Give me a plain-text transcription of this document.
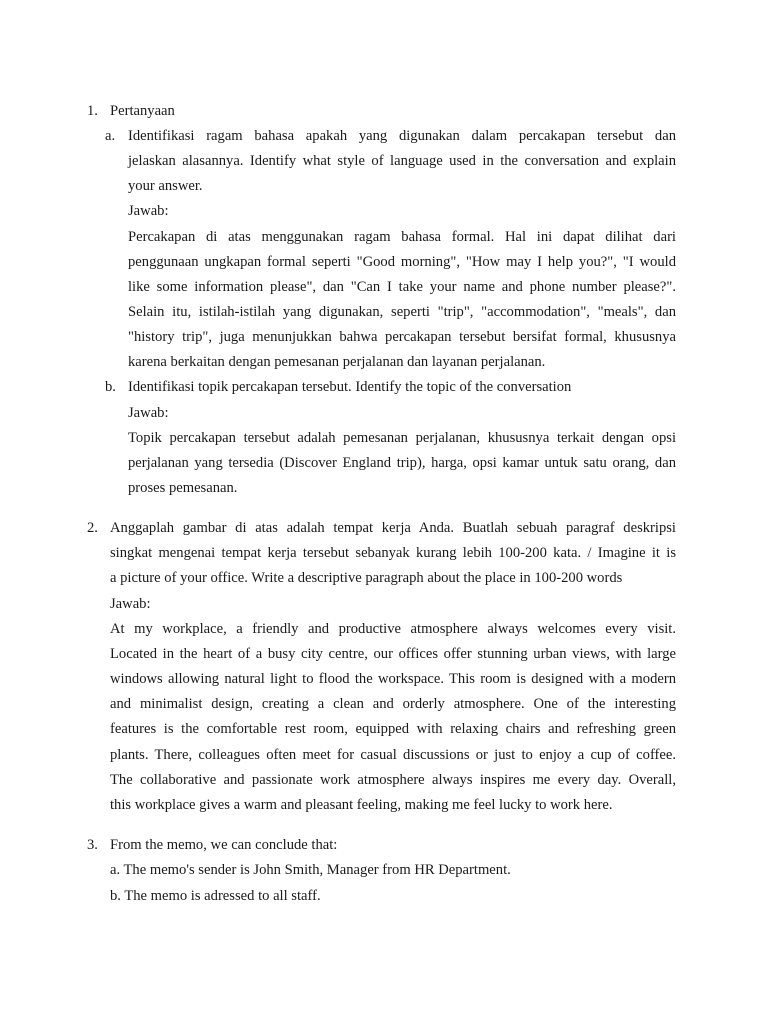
1. Pertanyaan
a. Identifikasi ragam bahasa apakah yang digunakan dalam percakapan tersebut dan
jelaskan alasannya. Identify what style of language used in the conversation and explain
your answer.
Jawab:
Percakapan di atas menggunakan ragam bahasa formal. Hal ini dapat dilihat dari
penggunaan ungkapan formal seperti "Good morning", "How may I help you?", "I would
like some information please", dan "Can I take your name and phone number please?".
Selain itu, istilah-istilah yang digunakan, seperti "trip", "accommodation", "meals", dan
"history trip", juga menunjukkan bahwa percakapan tersebut bersifat formal, khususnya
karena berkaitan dengan pemesanan perjalanan dan layanan perjalanan.
b. Identifikasi topik percakapan tersebut. Identify the topic of the conversation
Jawab:
Topik percakapan tersebut adalah pemesanan perjalanan, khususnya terkait dengan opsi
perjalanan yang tersedia (Discover England trip), harga, opsi kamar untuk satu orang, dan
proses pemesanan.
2. Anggaplah gambar di atas adalah tempat kerja Anda. Buatlah sebuah paragraf deskripsi
singkat mengenai tempat kerja tersebut sebanyak kurang lebih 100-200 kata. / Imagine it is
a picture of your office. Write a descriptive paragraph about the place in 100-200 words
Jawab:
At my workplace, a friendly and productive atmosphere always welcomes every visit.
Located in the heart of a busy city centre, our offices offer stunning urban views, with large
windows allowing natural light to flood the workspace. This room is designed with a modern
and minimalist design, creating a clean and orderly atmosphere. One of the interesting
features is the comfortable rest room, equipped with relaxing chairs and refreshing green
plants. There, colleagues often meet for casual discussions or just to enjoy a cup of coffee.
The collaborative and passionate work atmosphere always inspires me every day. Overall,
this workplace gives a warm and pleasant feeling, making me feel lucky to work here.
3. From the memo, we can conclude that:
a. The memo's sender is John Smith, Manager from HR Department.
b. The memo is adressed to all staff.
